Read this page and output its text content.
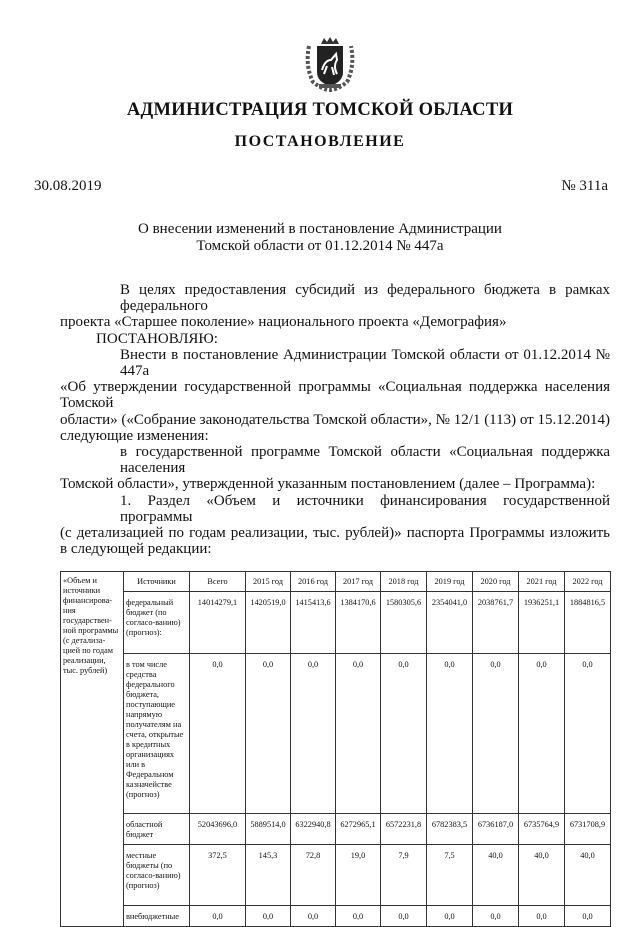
АДМИНИСТРАЦИЯ ТОМСКОЙ ОБЛАСТИ
ПОСТАНОВЛЕНИЕ
30.08.2019	№ 311а
О внесении изменений в постановление Администрации
Томской области от 01.12.2014 № 447а
В целях предоставления субсидий из федерального бюджета в рамках федерального
проекта «Старшее поколение» национального проекта «Демография»
ПОСТАНОВЛЯЮ:
Внести в постановление Администрации Томской области от 01.12.2014 № 447а
«Об утверждении государственной программы «Социальная поддержка населения Томской
области» («Собрание законодательства Томской области», № 12/1 (113) от 15.12.2014)
следующие изменения:
в государственной программе Томской области «Социальная поддержка населения
Томской области», утвержденной указанным постановлением (далее – Программа):
1. Раздел «Объем и источники финансирования государственной программы
(с детализацией по годам реализации, тыс. рублей)» паспорта Программы изложить
в следующей редакции:
«Объем и источники финансирова-ния государствен-ной программы (с детализа-цией по годам реализации, тыс. рублей)	Источники	Всего	2015 год	2016 год	2017 год	2018 год	2019 год	2020 год	2021 год	2022 год
	федеральный бюджет (по согласо-ванию) (прогноз):	14014279,1	1420519,0	1415413,6	1384170,6	1580305,6	2354041,0	2038761,7	1936251,1	1884816,5
	в том числе средства федерального бюджета, поступающие напрямую получателям на счета, открытые в кредитных организациях или в Федеральном казначействе (прогноз)	0,0	0,0	0,0	0,0	0,0	0,0	0,0	0,0	0,0
	областной бюджет	52043696,0	5889514,0	6322940,8	6272965,1	6572231,8	6782383,5	6736187,0	6735764,9	6731708,9
	местные бюджеты (по согласо-ванию) (прогноз)	372,5	145,3	72,8	19,0	7,9	7,5	40,0	40,0	40,0
	внебюджетные	0,0	0,0	0,0	0,0	0,0	0,0	0,0	0,0	0,0
